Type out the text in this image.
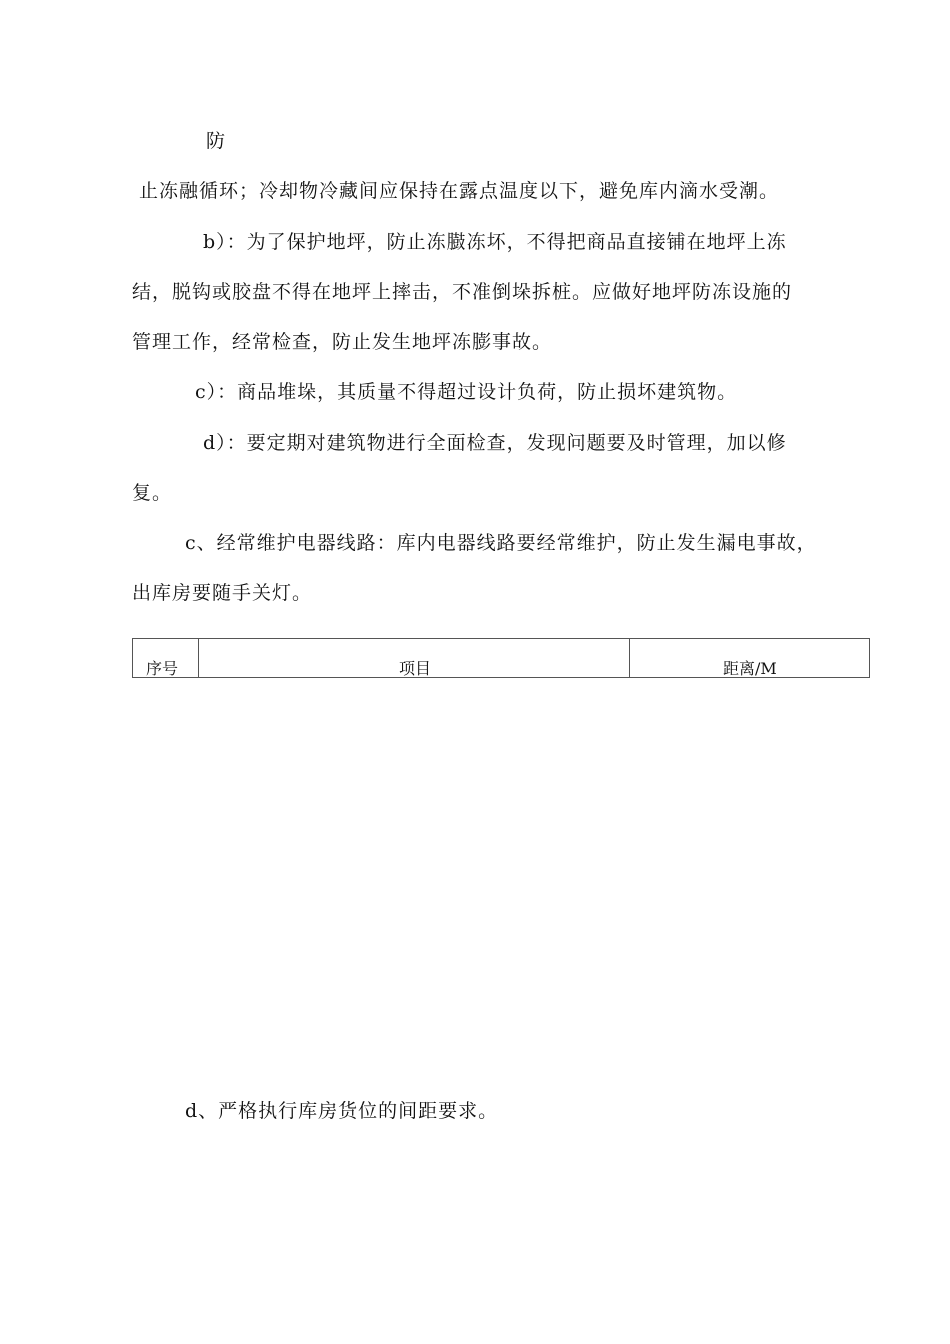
防
止冻融循环；冷却物冷藏间应保持在露点温度以下，避免库内滴水受潮。
b）：为了保护地坪，防止冻臌冻坏，不得把商品直接铺在地坪上冻
结，脱钩或胶盘不得在地坪上摔击，不准倒垛拆桩。应做好地坪防冻设施的
管理工作，经常检查，防止发生地坪冻膨事故。
c）：商品堆垛，其质量不得超过设计负荷，防止损坏建筑物。
d）：要定期对建筑物进行全面检查，发现问题要及时管理，加以修
复。
c、经常维护电器线路：库内电器线路要经常维护，防止发生漏电事故，
出库房要随手关灯。
序号	项目	距离/M
d、严格执行库房货位的间距要求。
